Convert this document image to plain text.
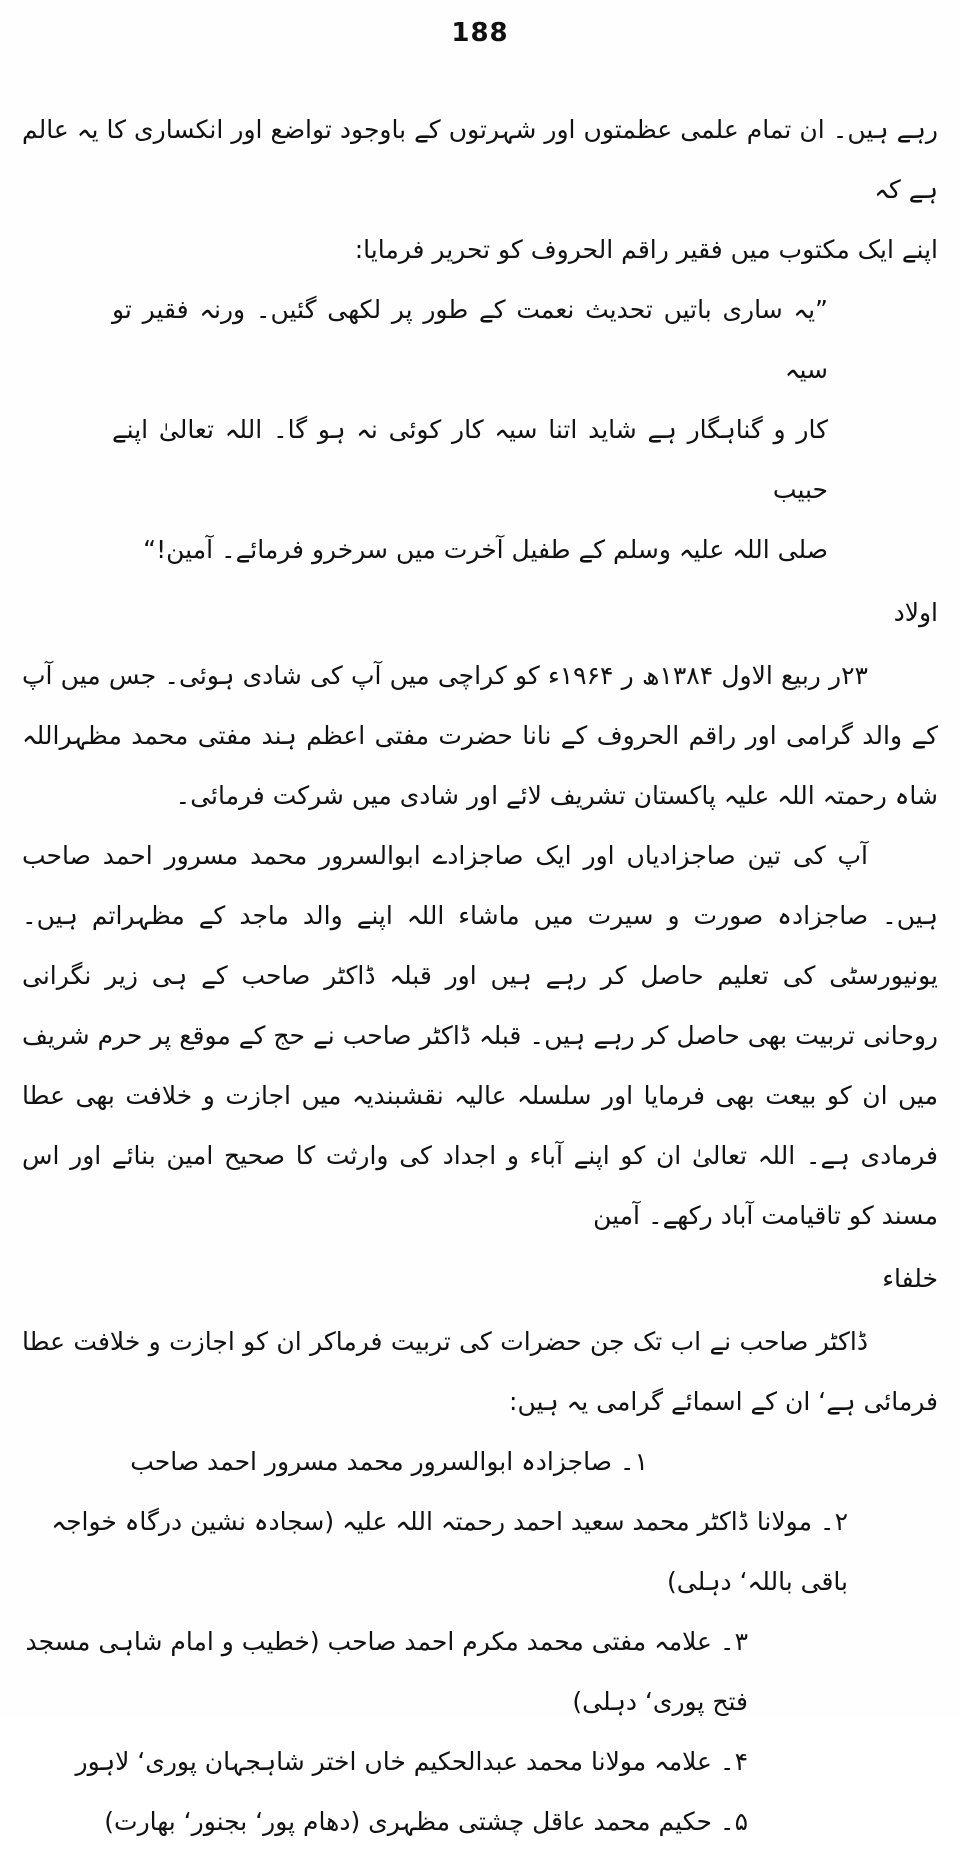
188
رہے ہیں۔ ان تمام علمی عظمتوں اور شہرتوں کے باوجود تواضع اور انکساری کا یہ عالم ہے کہ
اپنے ایک مکتوب میں فقیر راقم الحروف کو تحریر فرمایا:
”یہ ساری باتیں تحدیث نعمت کے طور پر لکھی گئیں۔ ورنہ فقیر تو سیہ
کار و گناہگار ہے شاید اتنا سیہ کار کوئی نہ ہو گا۔ اللہ تعالیٰ اپنے حبیب
صلی اللہ علیہ وسلم کے طفیل آخرت میں سرخرو فرمائے۔ آمین!“
اولاد
۲۳ر ربیع الاول ۱۳۸۴ھ ر ۱۹۶۴ء کو کراچی میں آپ کی شادی ہوئی۔ جس میں آپ کے والد گرامی اور راقم الحروف کے نانا حضرت مفتی اعظم ہند مفتی محمد مظہراللہ شاہ رحمتہ اللہ علیہ پاکستان تشریف لائے اور شادی میں شرکت فرمائی۔
آپ کی تین صاجزادیاں اور ایک صاجزادے ابوالسرور محمد مسرور احمد صاحب ہیں۔ صاجزادہ صورت و سیرت میں ماشاء اللہ اپنے والد ماجد کے مظہراتم ہیں۔ یونیورسٹی کی تعلیم حاصل کر رہے ہیں اور قبلہ ڈاکٹر صاحب کے ہی زیر نگرانی روحانی تربیت بھی حاصل کر رہے ہیں۔ قبلہ ڈاکٹر صاحب نے حج کے موقع پر حرم شریف میں ان کو بیعت بھی فرمایا اور سلسلہ عالیہ نقشبندیہ میں اجازت و خلافت بھی عطا فرمادی ہے۔ اللہ تعالیٰ ان کو اپنے آباء و اجداد کی وارثت کا صحیح امین بنائے اور اس مسند کو تاقیامت آباد رکھے۔ آمین
خلفاء
ڈاکٹر صاحب نے اب تک جن حضرات کی تربیت فرماکر ان کو اجازت و خلافت عطا فرمائی ہے‘ ان کے اسمائے گرامی یہ ہیں:
۱۔ صاجزادہ ابوالسرور محمد مسرور احمد صاحب
۲۔ مولانا ڈاکٹر محمد سعید احمد رحمتہ اللہ علیہ (سجادہ نشین درگاہ خواجہ باقی باللہ‘ دہلی)
۳۔ علامہ مفتی محمد مکرم احمد صاحب (خطیب و امام شاہی مسجد فتح پوری‘ دہلی)
۴۔ علامہ مولانا محمد عبدالحکیم خاں اختر شاہجہان پوری‘ لاہور
۵۔ حکیم محمد عاقل چشتی مظہری (دھام پور‘ بجنور‘ بھارت)
